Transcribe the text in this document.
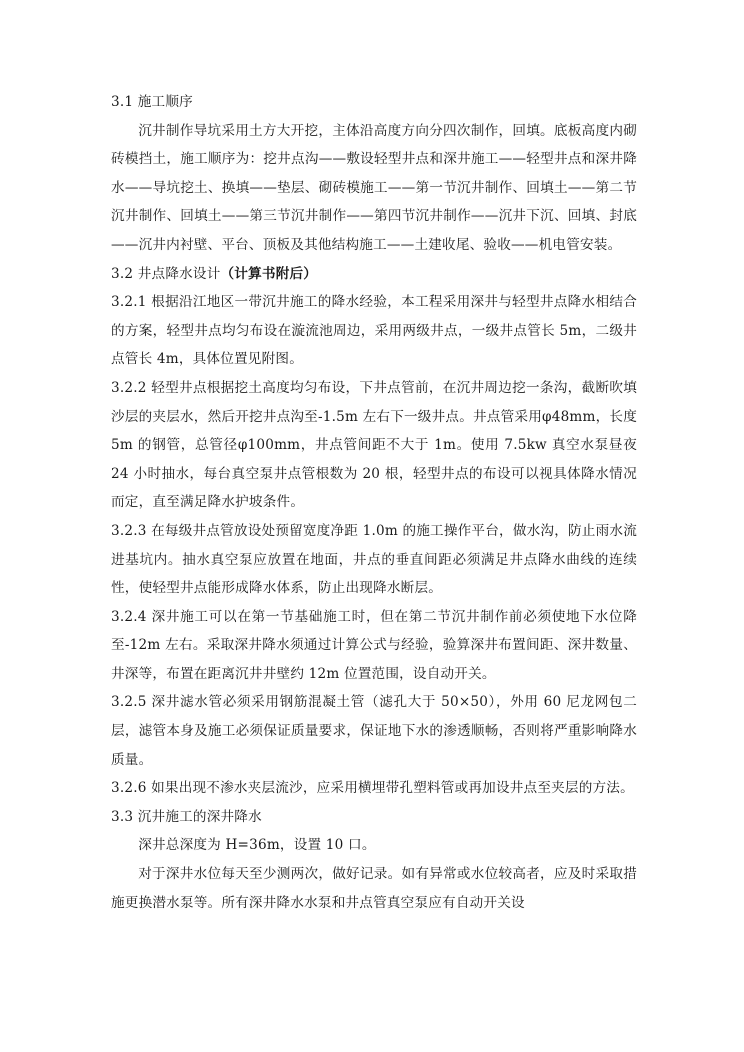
3.1 施工顺序

沉井制作导坑采用土方大开挖，主体沿高度方向分四次制作，回填。底板高度内砌砖模挡土，施工顺序为：挖井点沟——敷设轻型井点和深井施工——轻型井点和深井降水——导坑挖土、换填——垫层、砌砖模施工——第一节沉井制作、回填土——第二节沉井制作、回填土——第三节沉井制作——第四节沉井制作——沉井下沉、回填、封底——沉井内衬壁、平台、顶板及其他结构施工——土建收尾、验收——机电管安装。

3.2 井点降水设计（计算书附后）

3.2.1 根据沿江地区一带沉井施工的降水经验，本工程采用深井与轻型井点降水相结合的方案，轻型井点均匀布设在漩流池周边，采用两级井点，一级井点管长 5m，二级井点管长 4m，具体位置见附图。

3.2.2 轻型井点根据挖土高度均匀布设，下井点管前，在沉井周边挖一条沟，截断吹填沙层的夹层水，然后开挖井点沟至-1.5m 左右下一级井点。井点管采用φ48mm，长度 5m 的钢管，总管径φ100mm，井点管间距不大于 1m。使用 7.5kw 真空水泵昼夜 24 小时抽水，每台真空泵井点管根数为 20 根，轻型井点的布设可以视具体降水情况而定，直至满足降水护坡条件。

3.2.3 在每级井点管放设处预留宽度净距 1.0m 的施工操作平台，做水沟，防止雨水流进基坑内。抽水真空泵应放置在地面，井点的垂直间距必须满足井点降水曲线的连续性，使轻型井点能形成降水体系，防止出现降水断层。

3.2.4 深井施工可以在第一节基础施工时，但在第二节沉井制作前必须使地下水位降至-12m 左右。采取深井降水须通过计算公式与经验，验算深井布置间距、深井数量、井深等，布置在距离沉井井壁约 12m 位置范围，设自动开关。

3.2.5 深井滤水管必须采用钢筋混凝土管（滤孔大于 50×50），外用 60 尼龙网包二层，滤管本身及施工必须保证质量要求，保证地下水的渗透顺畅，否则将严重影响降水质量。

3.2.6 如果出现不渗水夹层流沙，应采用横埋带孔塑料管或再加设井点至夹层的方法。

3.3 沉井施工的深井降水

深井总深度为 H=36m，设置 10 口。

对于深井水位每天至少测两次，做好记录。如有异常或水位较高者，应及时采取措施更换潜水泵等。所有深井降水水泵和井点管真空泵应有自动开关设
